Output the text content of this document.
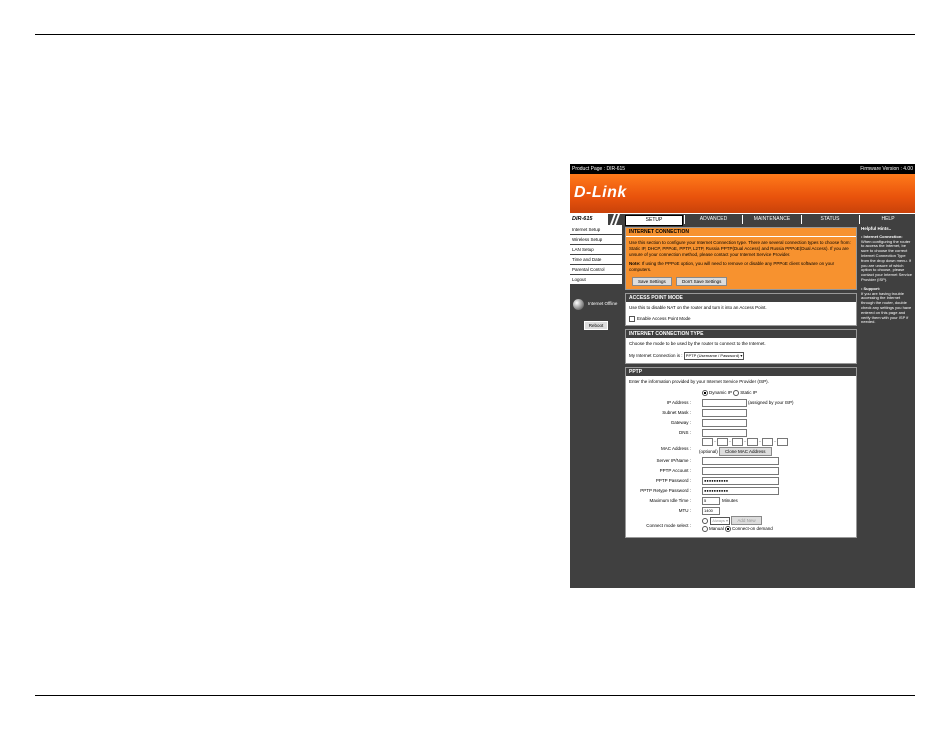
Product Page : DIR-615	Firmware Version : 4.00
D-Link
DIR-615	SETUP	ADVANCED	MAINTENANCE	STATUS	HELP
Internet Setup
Wireless Setup
LAN Setup
Time and Date
Parental Control
Logout
Internet Offline
Reboot
INTERNET CONNECTION
Use this section to configure your Internet Connection type. There are several connection types to choose from: Static IP, DHCP, PPPoE, PPTP, L2TP, Russia PPTP(Dual Access) and Russia PPPoE(Dual Access). If you are unsure of your connection method, please contact your Internet Service Provider.
Note: If using the PPPoE option, you will need to remove or disable any PPPoE client software on your computers.
Save Settings	Don't Save Settings
ACCESS POINT MODE
Use this to disable NAT on the router and turn it into an Access Point.
Enable Access Point Mode
INTERNET CONNECTION TYPE
Choose the mode to be used by the router to connect to the Internet.
My Internet Connection is : PPTP (Username / Password) ▾
PPTP
Enter the information provided by your Internet Service Provider (ISP).
Dynamic IP Static IP
IP Address :	(assigned by your ISP)
Subnet Mask :
Gateway :
DNS :
MAC Address :
-  -  -  -  -
(optional) Clone MAC Address
Server IP/Name :
PPTP Account :
PPTP Password :	●●●●●●●●●●
PPTP Retype Password :	●●●●●●●●●●
Maximum Idle Time :	5	Minutes
MTU :	1400
Connect mode select :
Always ▾ Add New
Manual Connect-on demand
Helpful Hints..
• Internet Connection:
When configuring the router to access the Internet, be sure to choose the correct Internet Connection Type from the drop down menu. If you are unsure of which option to choose, please contact your Internet Service Provider (ISP).
• Support:
If you are having trouble accessing the Internet through the router, double check any settings you have entered on this page and verify them with your ISP if needed.
